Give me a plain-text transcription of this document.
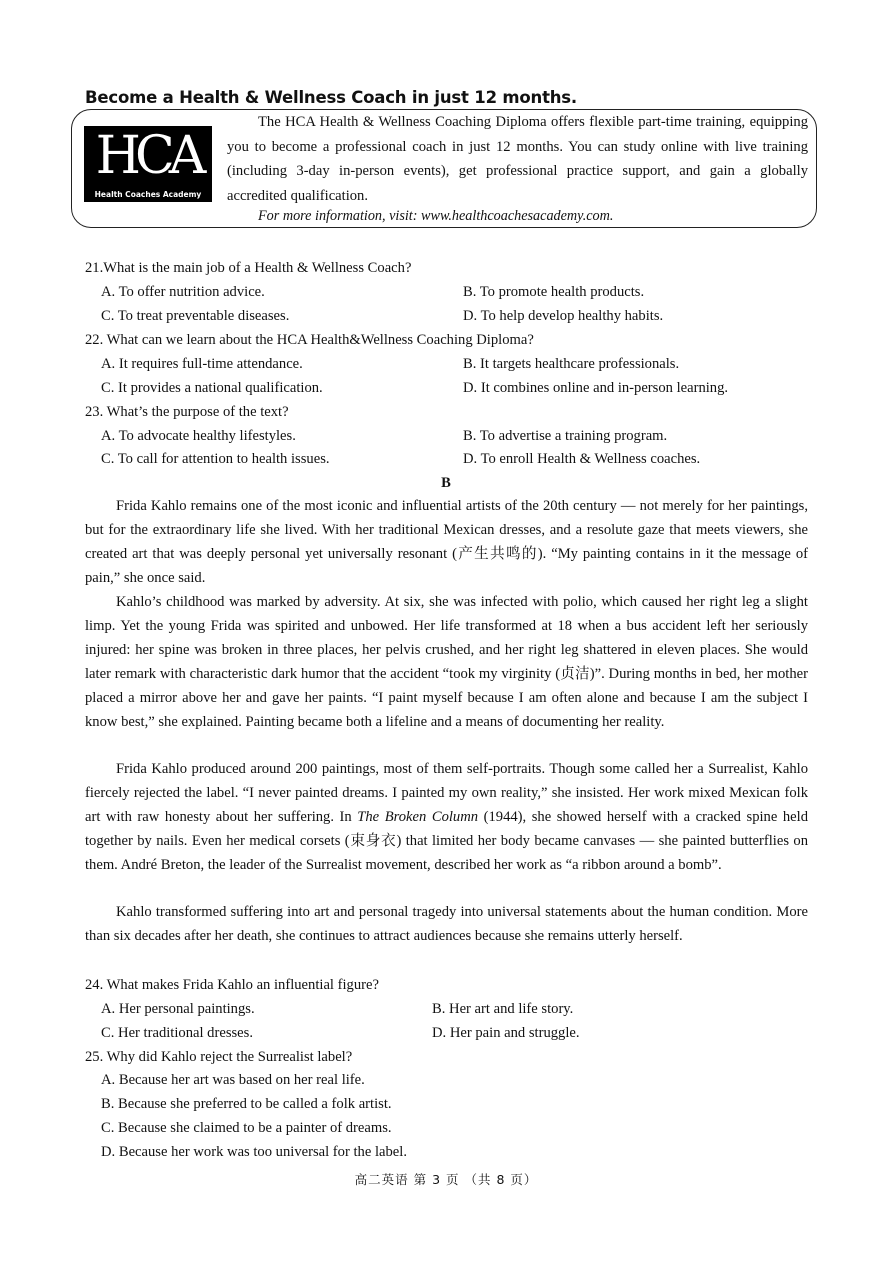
Become a Health & Wellness Coach in just 12 months.
HCA
Health Coaches Academy

The HCA Health & Wellness Coaching Diploma offers flexible part-time training, equipping you to become a professional coach in just 12 months. You can study online with live training (including 3-day in-person events), get professional practice support, and gain a globally accredited qualification.

For more information, visit: www.healthcoachesacademy.com.

21.What is the main job of a Health & Wellness Coach?

A. To offer nutrition advice.	B. To promote health products.

C. To treat preventable diseases.	D. To help develop healthy habits.

22. What can we learn about the HCA Health&Wellness Coaching Diploma?

A. It requires full-time attendance.	B. It targets healthcare professionals.

C. It provides a national qualification.	D. It combines online and in-person learning.

23. What’s the purpose of the text?

A. To advocate healthy lifestyles.	B. To advertise a training program.

C. To call for attention to health issues.	D. To enroll Health & Wellness coaches.

B

Frida Kahlo remains one of the most iconic and influential artists of the 20th century — not merely for her paintings, but for the extraordinary life she lived. With her traditional Mexican dresses, and a resolute gaze that meets viewers, she created art that was deeply personal yet universally resonant (产生共鸣的). “My painting contains in it the message of pain,” she once said.

Kahlo’s childhood was marked by adversity. At six, she was infected with polio, which caused her right leg a slight limp. Yet the young Frida was spirited and unbowed. Her life transformed at 18 when a bus accident left her seriously injured: her spine was broken in three places, her pelvis crushed, and her right leg shattered in eleven places. She would later remark with characteristic dark humor that the accident “took my virginity (贞洁)”. During months in bed, her mother placed a mirror above her and gave her paints. “I paint myself because I am often alone and because I am the subject I know best,” she explained. Painting became both a lifeline and a means of documenting her reality.

Frida Kahlo produced around 200 paintings, most of them self-portraits. Though some called her a Surrealist, Kahlo fiercely rejected the label. “I never painted dreams. I painted my own reality,” she insisted. Her work mixed Mexican folk art with raw honesty about her suffering. In The Broken Column (1944), she showed herself with a cracked spine held together by nails. Even her medical corsets (束身衣) that limited her body became canvases — she painted butterflies on them. André Breton, the leader of the Surrealist movement, described her work as “a ribbon around a bomb”.

Kahlo transformed suffering into art and personal tragedy into universal statements about the human condition. More than six decades after her death, she continues to attract audiences because she remains utterly herself.

24. What makes Frida Kahlo an influential figure?

A. Her personal paintings.	B. Her art and life story.

C. Her traditional dresses.	D. Her pain and struggle.

25. Why did Kahlo reject the Surrealist label?

A. Because her art was based on her real life.

B. Because she preferred to be called a folk artist.

C. Because she claimed to be a painter of dreams.

D. Because her work was too universal for the label.

高二英语 第 3 页 （共 8 页）
